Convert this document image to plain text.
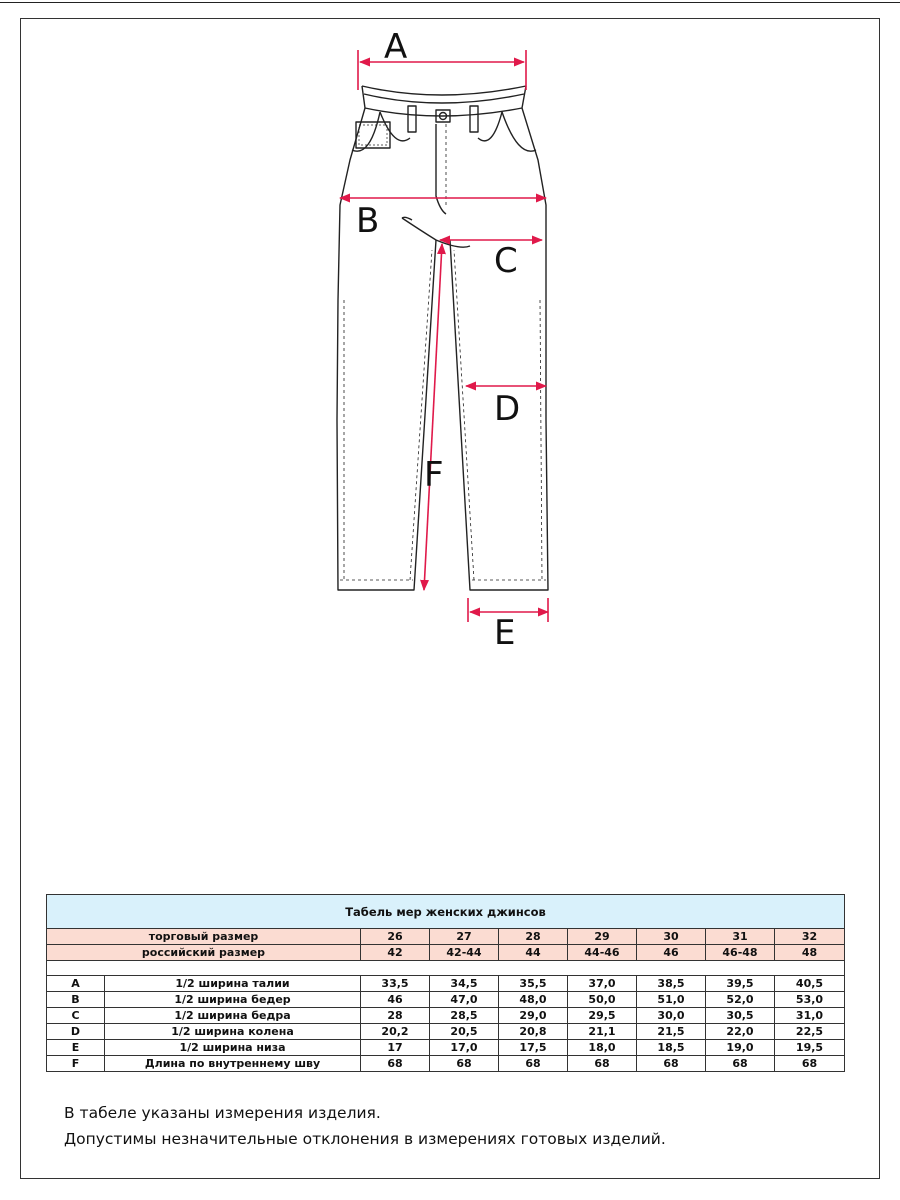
A
B
C
D
F
E
Табель мер женских джинсов								
торговый размер		26	27	28	29	30	31	32
российский размер		42	42-44	44	44-46	46	46-48	48

A	1/2 ширина талии	33,5	34,5	35,5	37,0	38,5	39,5	40,5
B	1/2 ширина бедер	46	47,0	48,0	50,0	51,0	52,0	53,0
C	1/2 ширина бедра	28	28,5	29,0	29,5	30,0	30,5	31,0
D	1/2 ширина колена	20,2	20,5	20,8	21,1	21,5	22,0	22,5
E	1/2 ширина низа	17	17,0	17,5	18,0	18,5	19,0	19,5
F	Длина по внутреннему шву	68	68	68	68	68	68	68
В табеле указаны измерения изделия.
Допустимы незначительные отклонения в измерениях готовых изделий.
